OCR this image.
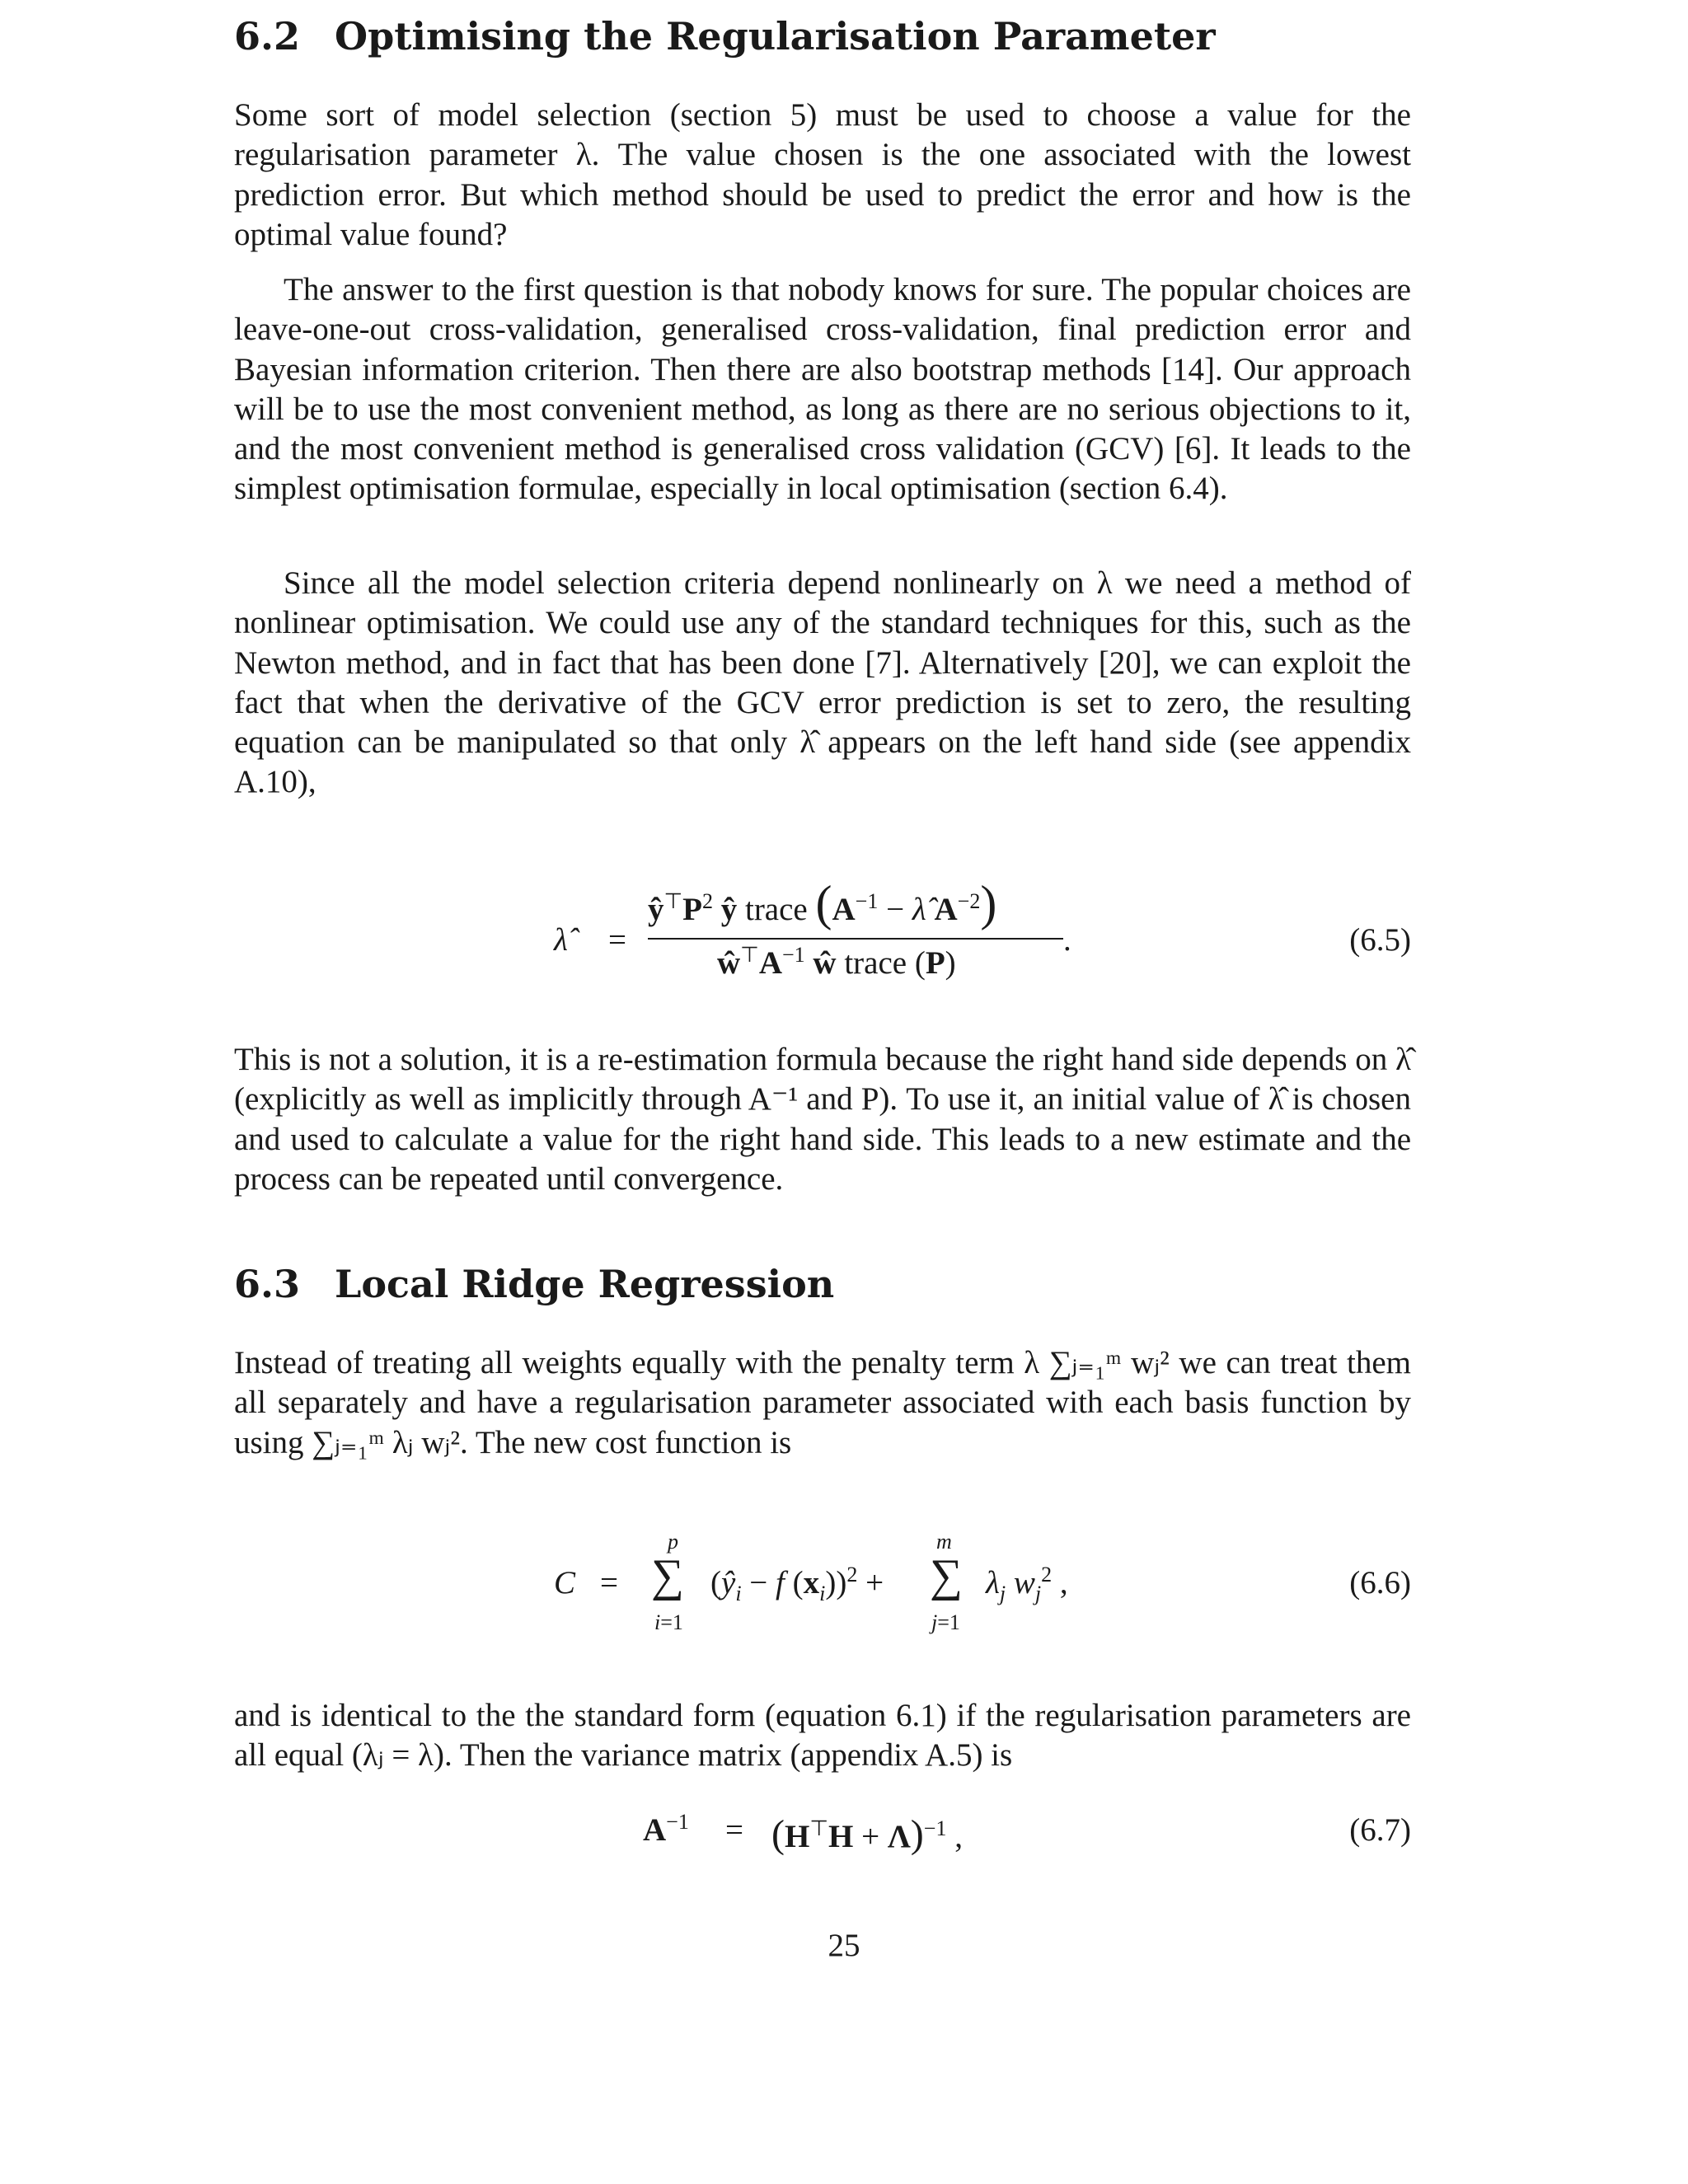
6.2 Optimising the Regularisation Parameter

Some sort of model selection (section 5) must be used to choose a value for the regularisation parameter λ. The value chosen is the one associated with the lowest prediction error. But which method should be used to predict the error and how is the optimal value found?

The answer to the first question is that nobody knows for sure. The popular choices are leave-one-out cross-validation, generalised cross-validation, final prediction error and Bayesian information criterion. Then there are also bootstrap methods [14]. Our approach will be to use the most convenient method, as long as there are no serious objections to it, and the most convenient method is generalised cross validation (GCV) [6]. It leads to the simplest optimisation formulae, especially in local optimisation (section 6.4).

Since all the model selection criteria depend nonlinearly on λ we need a method of nonlinear optimisation. We could use any of the standard techniques for this, such as the Newton method, and in fact that has been done [7]. Alternatively [20], we can exploit the fact that when the derivative of the GCV error prediction is set to zero, the resulting equation can be manipulated so that only λ̂ appears on the left hand side (see appendix A.10),

λ̂ =
$ŷ^⊤P^2$ ŷ trace ($A^{-1}$ − λ̂ $A^{-2}$)
$ŵ^⊤A^{-1}$ ŵ trace (P)
.	(6.5)

This is not a solution, it is a re-estimation formula because the right hand side depends on λ̂ (explicitly as well as implicitly through A⁻¹ and P). To use it, an initial value of λ̂ is chosen and used to calculate a value for the right hand side. This leads to a new estimate and the process can be repeated until convergence.

6.3 Local Ridge Regression

Instead of treating all weights equally with the penalty term λ ∑ⱼ₌₁ᵐ wⱼ² we can treat them all separately and have a regularisation parameter associated with each basis function by using ∑ⱼ₌₁ᵐ λⱼ wⱼ². The new cost function is

C =
p
∑
i=1
($ŷ_i - f$ $(x_i))^2$ +
m
∑
j=1
$\lambda_j$ $w_j^2$ ,	(6.6)

and is identical to the the standard form (equation 6.1) if the regularisation parameters are all equal (λⱼ = λ). Then the variance matrix (appendix A.5) is

$A^{-1} = (H^⊤H + \Lambda)^{-1}$ ,	(6.7)
25
